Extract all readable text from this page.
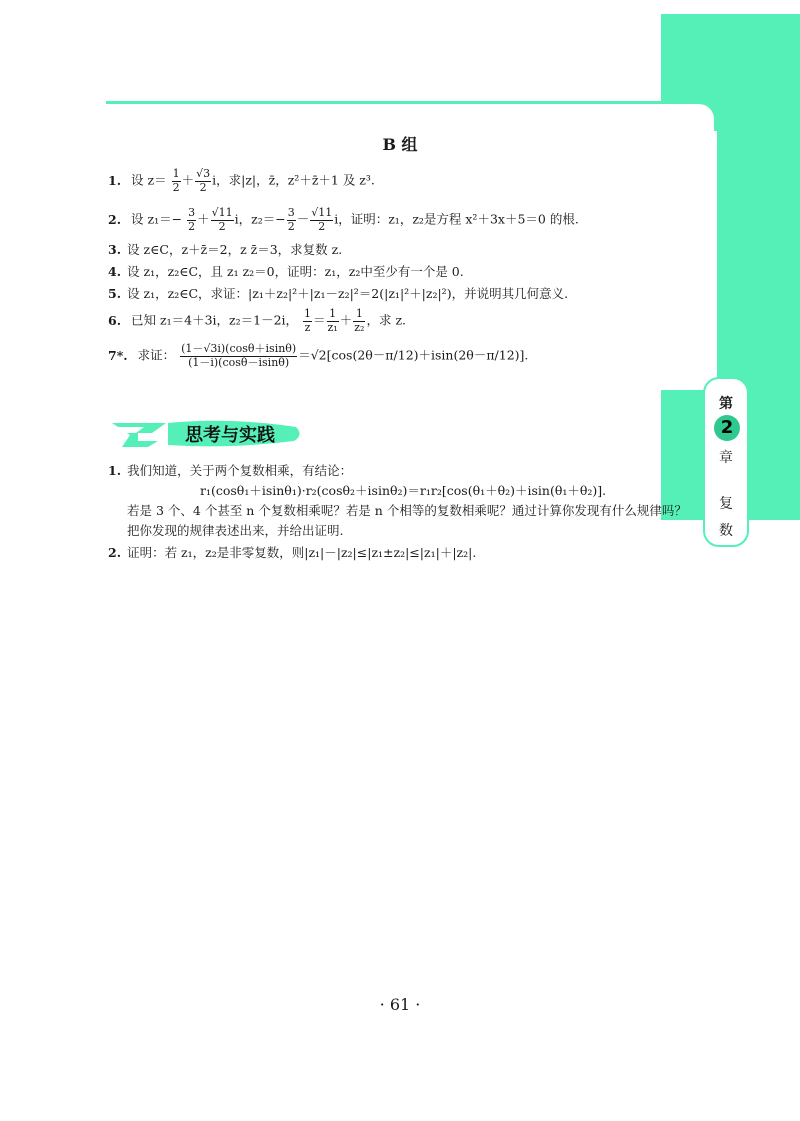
第
2
章
复
数
B 组
1. 设 $z= \frac{1}{2} + \frac{√3}{2}$ i，求|z|，z̄，z²＋z̄＋1 及 z³.
2. 设 $z_1=- \frac{3}{2} + \frac{√11}{2}$ i，$z_2=- \frac{3}{2} - \frac{√11}{2}$ i，证明：z₁，z₂是方程 x²＋3x＋5＝0 的根.
3. 设 z∈C，z＋z̄＝2，z z̄＝3，求复数 z.
4. 设 z₁，z₂∈C，且 z₁ z₂＝0，证明：z₁，z₂中至少有一个是 0.
5. 设 z₁，z₂∈C，求证：|z₁＋z₂|²＋|z₁－z₂|²＝2(|z₁|²＋|z₂|²)，并说明其几何意义.
6. 已知 z₁＝4＋3i，z₂＝1－2i， $\frac{1}{z} = \frac{1}{\text{z₁}} + \frac{1}{\text{z₂}}$ ，求 z.
7*. 求证： $\frac{(1-√3i)(\cos\theta+isin\theta)}{(1-i)(\cos\theta-isin\theta)} =√2[\cos(2\theta-\pi/12)+isin(2\theta-\pi/12)]$.
思考与实践
1. 我们知道，关于两个复数相乘，有结论：
r₁(cosθ₁＋isinθ₁)·r₂(cosθ₂＋isinθ₂)＝r₁r₂[cos(θ₁＋θ₂)＋isin(θ₁＋θ₂)].
若是 3 个、4 个甚至 n 个复数相乘呢？若是 n 个相等的复数相乘呢？通过计算你发现有什么规律吗？
把你发现的规律表述出来，并给出证明.
2. 证明：若 z₁，z₂是非零复数，则|z₁|－|z₂|≤|z₁±z₂|≤|z₁|＋|z₂|.
· 61 ·
